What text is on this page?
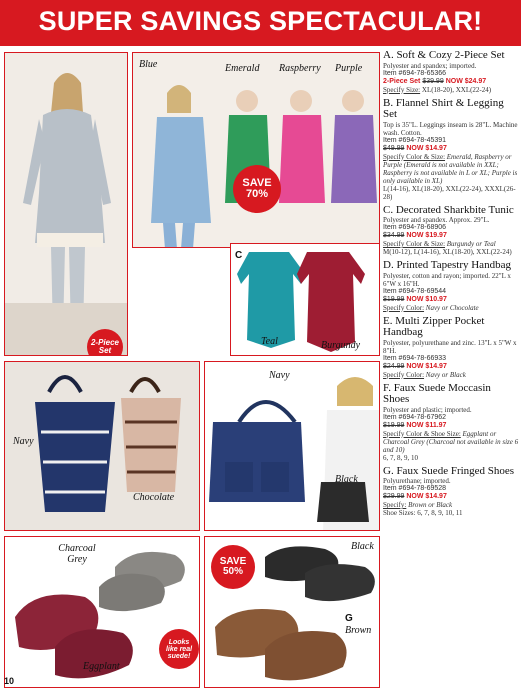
SUPER SAVINGS SPECTACULAR!
2-Piece
Set
Blue	Emerald Raspberry Purple
SAVE
70%
C
Teal	Burgundy
Navy
Chocolate
Navy
Black
Charcoal Grey
Eggplant
Looks
like real
suede!
G
Black
Brown
SAVE
50%
A. Soft & Cozy 2-Piece Set
Polyester and spandex; imported.
Item #694-78-65366
2-Piece Set $39.99 NOW $24.97
Specify Size: XL(18-20), XXL(22-24)
B. Flannel Shirt & Legging Set
Top is 35"L. Leggings inseam is 28"L. Machine wash. Cotton.
Item #694-78-45391
$49.99 NOW $14.97
Specify Color & Size: Emerald, Raspberry or Purple (Emerald is not available in XXL; Raspberry is not available in L or XL; Purple is only available in XL)
L(14-16), XL(18-20), XXL(22-24), XXXL(26-28)
C. Decorated Sharkbite Tunic
Polyester and spandex. Approx. 29"L.
Item #694-78-68906
$34.99 NOW $19.97
Specify Color & Size: Burgundy or Teal
M(10-12), L(14-16), XL(18-20), XXL(22-24)
D. Printed Tapestry Handbag
Polyester, cotton and rayon; imported. 22"L x 6"W x 16"H.
Item #694-78-69544
$19.99 NOW $10.97
Specify Color: Navy or Chocolate
E. Multi Zipper Pocket Handbag
Polyester, polyurethane and zinc. 13"L x 5"W x 8"H.
Item #694-78-66933
$24.99 NOW $14.97
Specify Color: Navy or Black
F. Faux Suede Moccasin Shoes
Polyester and plastic; imported.
Item #694-78-67962
$19.99 NOW $11.97
Specify Color & Shoe Size: Eggplant or Charcoal Grey (Charcoal not available in size 6 and 10)
6, 7, 8, 9, 10
G. Faux Suede Fringed Shoes
Polyurethane; imported.
Item #694-78-69528
$29.99 NOW $14.97
Specify: Brown or Black
Shoe Sizes: 6, 7, 8, 9, 10, 11
10
